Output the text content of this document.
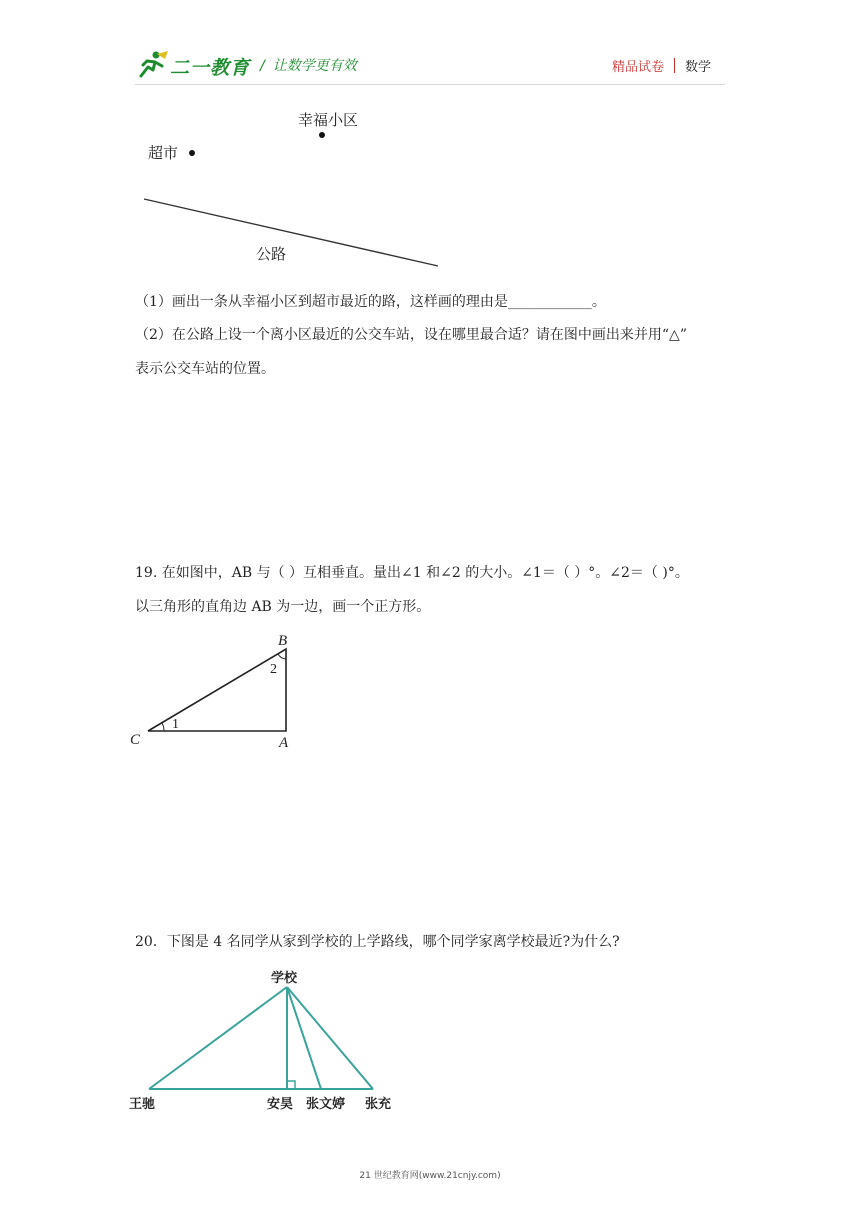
二一教育 / 让数学更有效	精品试卷 数学
幸福小区
超市
公路
（1）画出一条从幸福小区到超市最近的路，这样画的理由是____________。
（2）在公路上设一个离小区最近的公交车站，设在哪里最合适？请在图中画出来并用“△”
表示公交车站的位置。
19. 在如图中，AB 与（ ）互相垂直。量出∠1 和∠2 的大小。∠1＝（ ）°。∠2＝（ )°。
以三角形的直角边 AB 为一边，画一个正方形。
B
C	A
1
2
20．下图是 4 名同学从家到学校的上学路线，哪个同学家离学校最近?为什么?
学校
王驰	安昊 张文婷 张充
21 世纪教育网(www.21cnjy.com)
